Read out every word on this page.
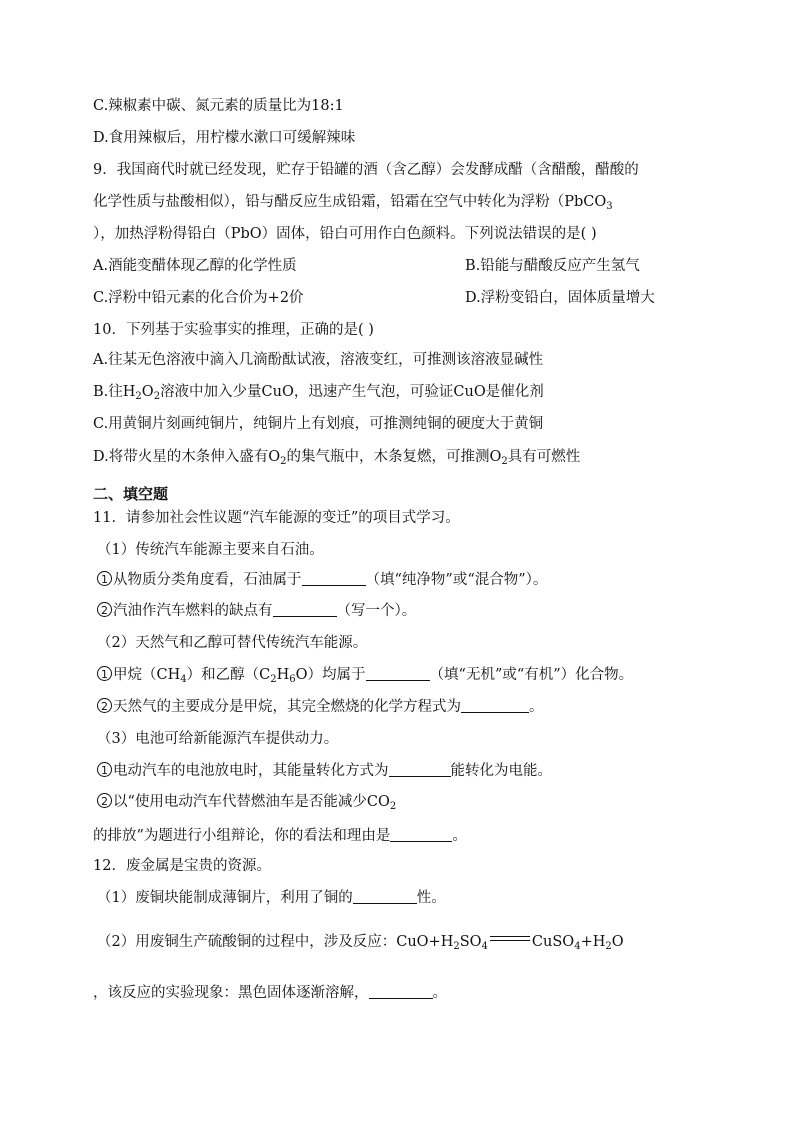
C.辣椒素中碳、氮元素的质量比为18:1
D.食用辣椒后，用柠檬水漱口可缓解辣味
9．我国商代时就已经发现，贮存于铅罐的酒（含乙醇）会发酵成醋（含醋酸，醋酸的
化学性质与盐酸相似），铅与醋反应生成铅霜，铅霜在空气中转化为浮粉（PbCO$_3$
），加热浮粉得铅白（PbO）固体，铅白可用作白色颜料。下列说法错误的是( )
A.酒能变醋体现乙醇的化学性质	B.铅能与醋酸反应产生氢气
C.浮粉中铅元素的化合价为+2价	D.浮粉变铅白，固体质量增大
10．下列基于实验事实的推理，正确的是( )
A.往某无色溶液中滴入几滴酚酞试液，溶液变红，可推测该溶液显碱性
B.往$H_2O_2$溶液中加入少量CuO，迅速产生气泡，可验证CuO是催化剂
C.用黄铜片刻画纯铜片，纯铜片上有划痕，可推测纯铜的硬度大于黄铜
D.将带火星的木条伸入盛有$O_2$的集气瓶中，木条复燃，可推测$O_2$具有可燃性
二、填空题
11．请参加社会性议题“汽车能源的变迁”的项目式学习。
（1）传统汽车能源主要来自石油。
1 从物质分类角度看，石油属于	（填“纯净物”或“混合物”）。
2 汽油作汽车燃料的缺点有	（写一个）。
（2）天然气和乙醇可替代传统汽车能源。
1 甲烷$(CH_4)$和乙醇$(C_2H_6O)$均属于	（填“无机”或“有机”）化合物。
2 天然气的主要成分是甲烷，其完全燃烧的化学方程式为	。
（3）电池可给新能源汽车提供动力。
1 电动汽车的电池放电时，其能量转化方式为	能转化为电能。
2 以“使用电动汽车代替燃油车是否能减少$CO_2$
的排放”为题进行小组辩论，你的看法和理由是	。
12．废金属是宝贵的资源。
（1）废铜块能制成薄铜片，利用了铜的	性。
（2）用废铜生产硫酸铜的过程中，涉及反应：$CuO+H_2SO_4$	$CuSO_4+H_2O$
，该反应的实验现象：黑色固体逐渐溶解，	。
